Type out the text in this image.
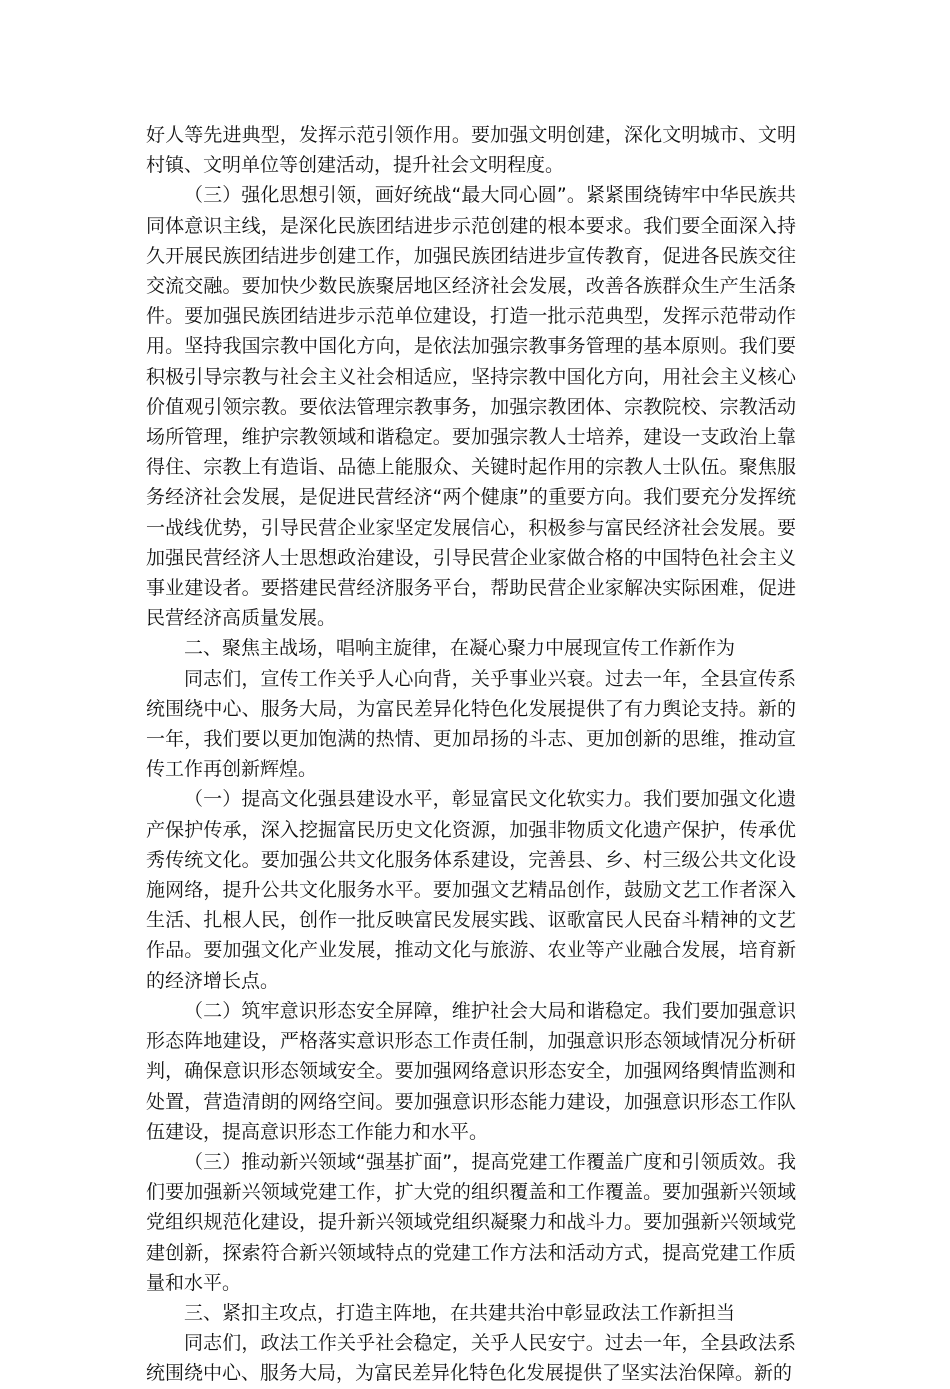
好人等先进典型，发挥示范引领作用。要加强文明创建，深化文明城市、文明村镇、文明单位等创建活动，提升社会文明程度。

（三）强化思想引领，画好统战“最大同心圆”。紧紧围绕铸牢中华民族共同体意识主线，是深化民族团结进步示范创建的根本要求。我们要全面深入持久开展民族团结进步创建工作，加强民族团结进步宣传教育，促进各民族交往交流交融。要加快少数民族聚居地区经济社会发展，改善各族群众生产生活条件。要加强民族团结进步示范单位建设，打造一批示范典型，发挥示范带动作用。坚持我国宗教中国化方向，是依法加强宗教事务管理的基本原则。我们要积极引导宗教与社会主义社会相适应，坚持宗教中国化方向，用社会主义核心价值观引领宗教。要依法管理宗教事务，加强宗教团体、宗教院校、宗教活动场所管理，维护宗教领域和谐稳定。要加强宗教人士培养，建设一支政治上靠得住、宗教上有造诣、品德上能服众、关键时起作用的宗教人士队伍。聚焦服务经济社会发展，是促进民营经济“两个健康”的重要方向。我们要充分发挥统一战线优势，引导民营企业家坚定发展信心，积极参与富民经济社会发展。要加强民营经济人士思想政治建设，引导民营企业家做合格的中国特色社会主义事业建设者。要搭建民营经济服务平台，帮助民营企业家解决实际困难，促进民营经济高质量发展。

二、聚焦主战场，唱响主旋律，在凝心聚力中展现宣传工作新作为

同志们，宣传工作关乎人心向背，关乎事业兴衰。过去一年，全县宣传系统围绕中心、服务大局，为富民差异化特色化发展提供了有力舆论支持。新的一年，我们要以更加饱满的热情、更加昂扬的斗志、更加创新的思维，推动宣传工作再创新辉煌。

（一）提高文化强县建设水平，彰显富民文化软实力。我们要加强文化遗产保护传承，深入挖掘富民历史文化资源，加强非物质文化遗产保护，传承优秀传统文化。要加强公共文化服务体系建设，完善县、乡、村三级公共文化设施网络，提升公共文化服务水平。要加强文艺精品创作，鼓励文艺工作者深入生活、扎根人民，创作一批反映富民发展实践、讴歌富民人民奋斗精神的文艺作品。要加强文化产业发展，推动文化与旅游、农业等产业融合发展，培育新的经济增长点。

（二）筑牢意识形态安全屏障，维护社会大局和谐稳定。我们要加强意识形态阵地建设，严格落实意识形态工作责任制，加强意识形态领域情况分析研判，确保意识形态领域安全。要加强网络意识形态安全，加强网络舆情监测和处置，营造清朗的网络空间。要加强意识形态能力建设，加强意识形态工作队伍建设，提高意识形态工作能力和水平。

（三）推动新兴领域“强基扩面”，提高党建工作覆盖广度和引领质效。我们要加强新兴领域党建工作，扩大党的组织覆盖和工作覆盖。要加强新兴领域党组织规范化建设，提升新兴领域党组织凝聚力和战斗力。要加强新兴领域党建创新，探索符合新兴领域特点的党建工作方法和活动方式，提高党建工作质量和水平。

三、紧扣主攻点，打造主阵地，在共建共治中彰显政法工作新担当

同志们，政法工作关乎社会稳定，关乎人民安宁。过去一年，全县政法系统围绕中心、服务大局，为富民差异化特色化发展提供了坚实法治保障。新的
